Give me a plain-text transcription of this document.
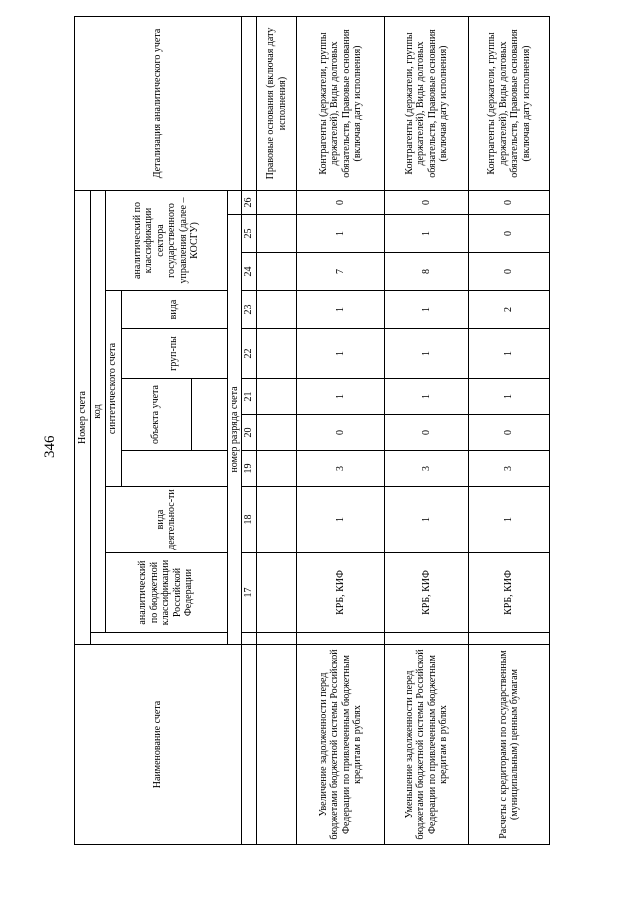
346
Наименование счета	Номер счета											Детализация аналитического учета
		код										
		аналитический по бюджетной классификации Российской Федерации	вида деятельнос-ти	синтетического счета					аналитический по классификации сектора государственного управления (далее – КОСГУ)			
					объекта учета		груп-пы	вида				

	номер разряда счета											
		17	18	19	20	21	22	23	24	25	26	
												Правовые основания (включая дату исполнения)
Увеличение задолженности перед бюджетами бюджетной системы Российской Федерации по привлеченным бюджетным кредитам в рублях		КРБ, КИФ	1	3	0	1	1	1	7	1	0	Контрагенты (держатели, группы держателей), Виды долговых обязательств, Правовые основания (включая дату исполнения)
Уменьшение задолженности перед бюджетами бюджетной системы Российской Федерации по привлеченным бюджетным кредитам в рублях		КРБ, КИФ	1	3	0	1	1	1	8	1	0	Контрагенты (держатели, группы держателей), Виды долговых обязательств, Правовые основания (включая дату исполнения)
Расчеты с кредиторами по государственным (муниципальным) ценным бумагам		КРБ, КИФ	1	3	0	1	1	2	0	0	0	Контрагенты (держатели, группы держателей), Виды долговых обязательств, Правовые основания (включая дату исполнения)
